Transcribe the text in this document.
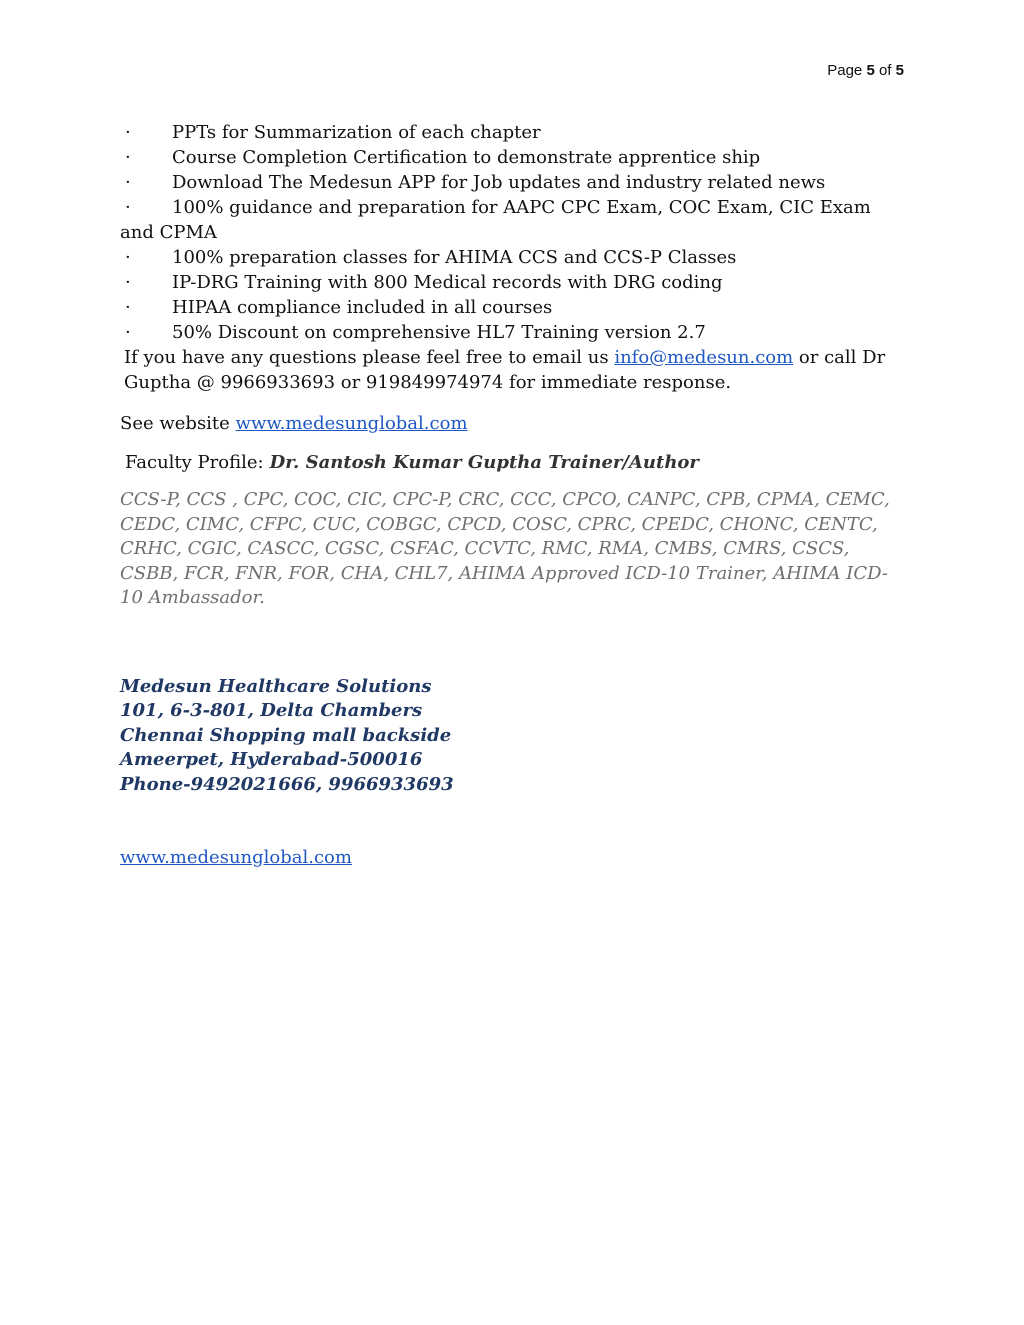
Page 5 of 5
· PPTs for Summarization of each chapter
· Course Completion Certification to demonstrate apprentice ship
· Download The Medesun APP for Job updates and industry related news
· 100% guidance and preparation for AAPC CPC Exam, COC Exam, CIC Exam and CPMA
· 100% preparation classes for AHIMA CCS and CCS-P Classes
· IP-DRG Training with 800 Medical records with DRG coding
· HIPAA compliance included in all courses
· 50% Discount on comprehensive HL7 Training version 2.7

If you have any questions please feel free to email us info@medesun.com or call Dr Guptha @ 9966933693 or 919849974974 for immediate response.

See website www.medesunglobal.com

Faculty Profile: Dr. Santosh Kumar Guptha Trainer/Author

CCS-P, CCS , CPC, COC, CIC, CPC-P, CRC, CCC, CPCO, CANPC, CPB, CPMA, CEMC, CEDC, CIMC, CFPC, CUC, COBGC, CPCD, COSC, CPRC, CPEDC, CHONC, CENTC, CRHC, CGIC, CASCC, CGSC, CSFAC, CCVTC, RMC, RMA, CMBS, CMRS, CSCS, CSBB, FCR, FNR, FOR, CHA, CHL7, AHIMA Approved ICD-10 Trainer, AHIMA ICD-10 Ambassador.

Medesun Healthcare Solutions
101, 6-3-801, Delta Chambers
Chennai Shopping mall backside
Ameerpet, Hyderabad-500016
Phone-9492021666, 9966933693

www.medesunglobal.com
